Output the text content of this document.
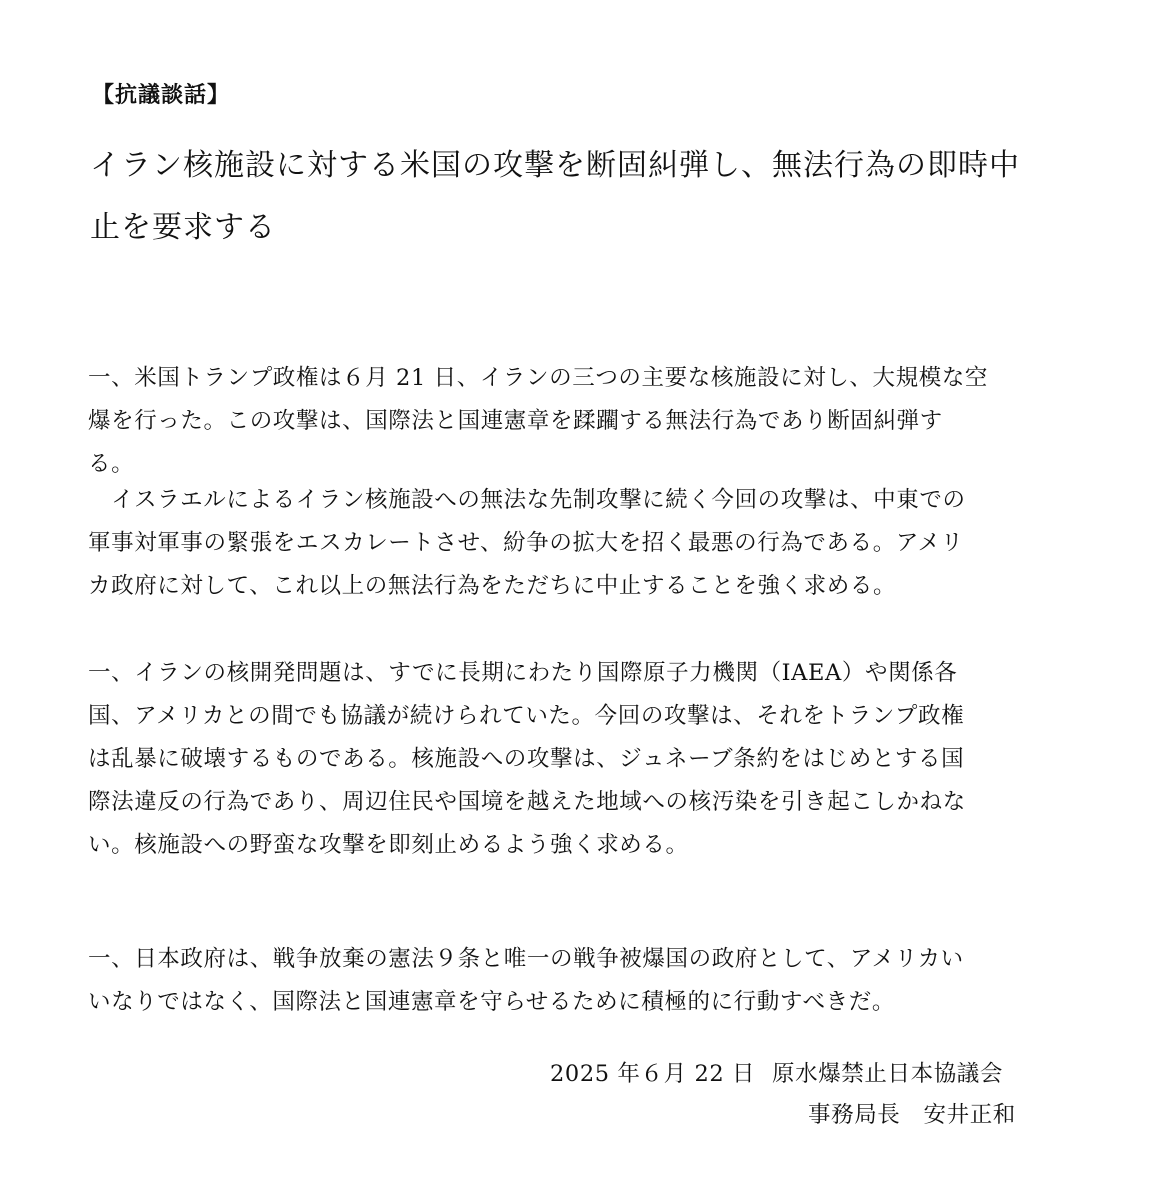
【抗議談話】
イラン核施設に対する米国の攻撃を断固糾弾し、無法行為の即時中
止を要求する

一、米国トランプ政権は６月 21 日、イランの三つの主要な核施設に対し、大規模な空
爆を行った。この攻撃は、国際法と国連憲章を蹂躙する無法行為であり断固糾弾す
る。

　イスラエルによるイラン核施設への無法な先制攻撃に続く今回の攻撃は、中東での
軍事対軍事の緊張をエスカレートさせ、紛争の拡大を招く最悪の行為である。アメリ
カ政府に対して、これ以上の無法行為をただちに中止することを強く求める。

一、イランの核開発問題は、すでに長期にわたり国際原子力機関（IAEA）や関係各
国、アメリカとの間でも協議が続けられていた。今回の攻撃は、それをトランプ政権
は乱暴に破壊するものである。核施設への攻撃は、ジュネーブ条約をはじめとする国
際法違反の行為であり、周辺住民や国境を越えた地域への核汚染を引き起こしかねな
い。核施設への野蛮な攻撃を即刻止めるよう強く求める。

一、日本政府は、戦争放棄の憲法９条と唯一の戦争被爆国の政府として、アメリカい
いなりではなく、国際法と国連憲章を守らせるために積極的に行動すべきだ。

2025 年６月 22 日 原水爆禁止日本協議会
事務局長　安井正和
